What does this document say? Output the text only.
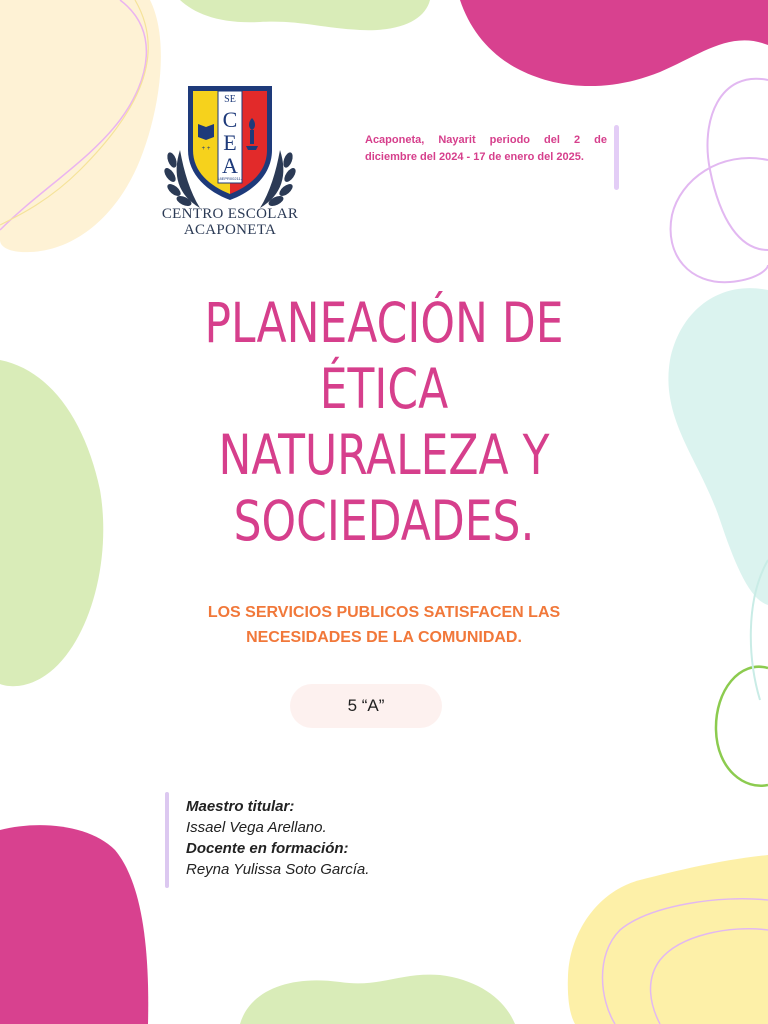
SE
C
E
A
18EPR00211J
+ +
CENTRO ESCOLAR
ACAPONETA
Acaponeta, Nayarit periodo del 2 de diciembre del 2024 - 17 de enero del 2025.
PLANEACIÓN DE
ÉTICA
NATURALEZA Y
SOCIEDADES.
LOS SERVICIOS PUBLICOS SATISFACEN LAS
NECESIDADES DE LA COMUNIDAD.
5 “A”
Maestro titular:
Issael Vega Arellano.
Docente en formación:
Reyna Yulissa Soto García.
